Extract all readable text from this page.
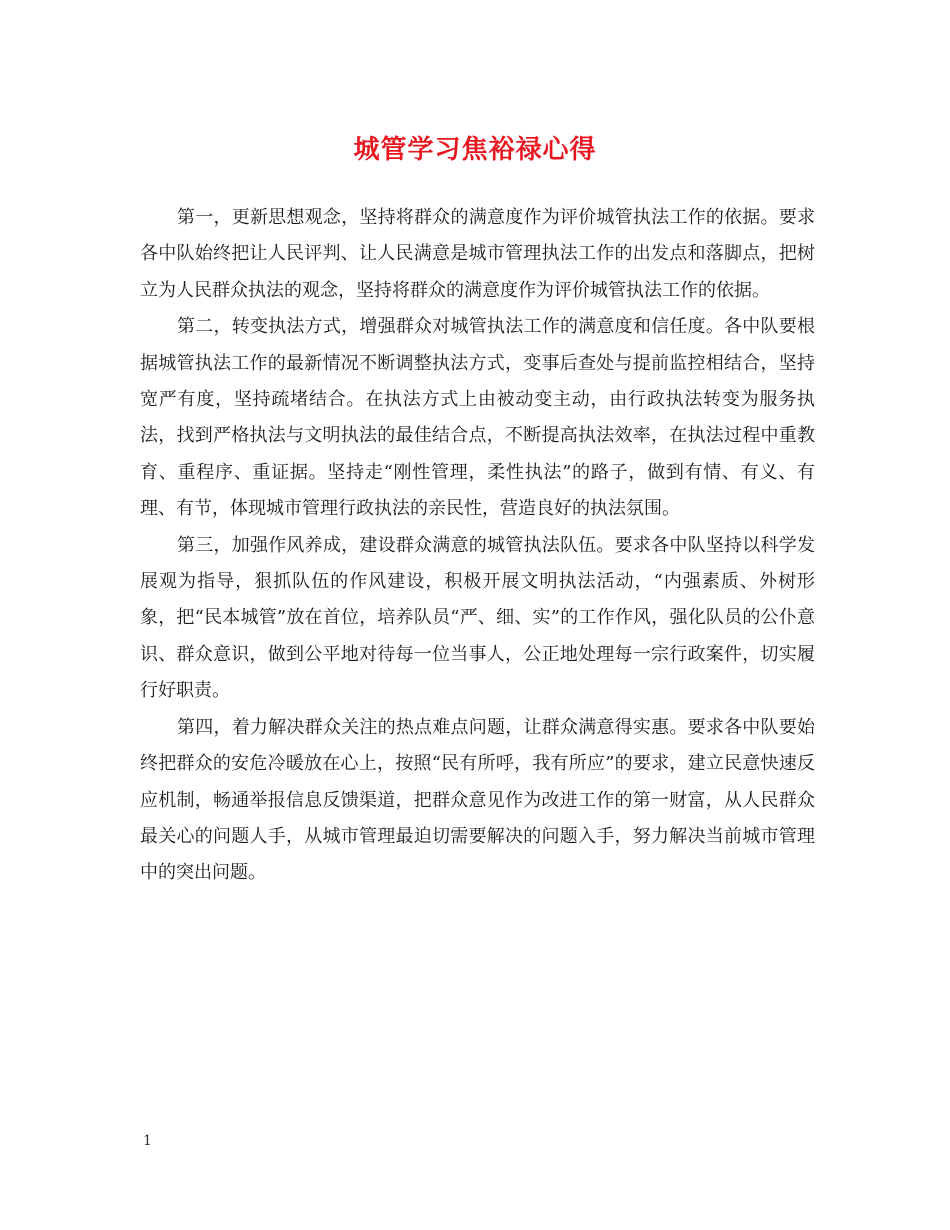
城管学习焦裕禄心得

第一，更新思想观念，坚持将群众的满意度作为评价城管执法工作的依据。要求各中队始终把让人民评判、让人民满意是城市管理执法工作的出发点和落脚点，把树立为人民群众执法的观念，坚持将群众的满意度作为评价城管执法工作的依据。

第二，转变执法方式，增强群众对城管执法工作的满意度和信任度。各中队要根据城管执法工作的最新情况不断调整执法方式，变事后查处与提前监控相结合，坚持宽严有度，坚持疏堵结合。在执法方式上由被动变主动，由行政执法转变为服务执法，找到严格执法与文明执法的最佳结合点，不断提高执法效率，在执法过程中重教育、重程序、重证据。坚持走“刚性管理，柔性执法”的路子，做到有情、有义、有理、有节，体现城市管理行政执法的亲民性，营造良好的执法氛围。

第三，加强作风养成，建设群众满意的城管执法队伍。要求各中队坚持以科学发展观为指导，狠抓队伍的作风建设，积极开展文明执法活动，“内强素质、外树形象，把“民本城管”放在首位，培养队员“严、细、实”的工作作风，强化队员的公仆意识、群众意识，做到公平地对待每一位当事人，公正地处理每一宗行政案件，切实履行好职责。

第四，着力解决群众关注的热点难点问题，让群众满意得实惠。要求各中队要始终把群众的安危冷暖放在心上，按照“民有所呼，我有所应”的要求，建立民意快速反应机制，畅通举报信息反馈渠道，把群众意见作为改进工作的第一财富，从人民群众最关心的问题人手，从城市管理最迫切需要解决的问题入手，努力解决当前城市管理中的突出问题。

1
